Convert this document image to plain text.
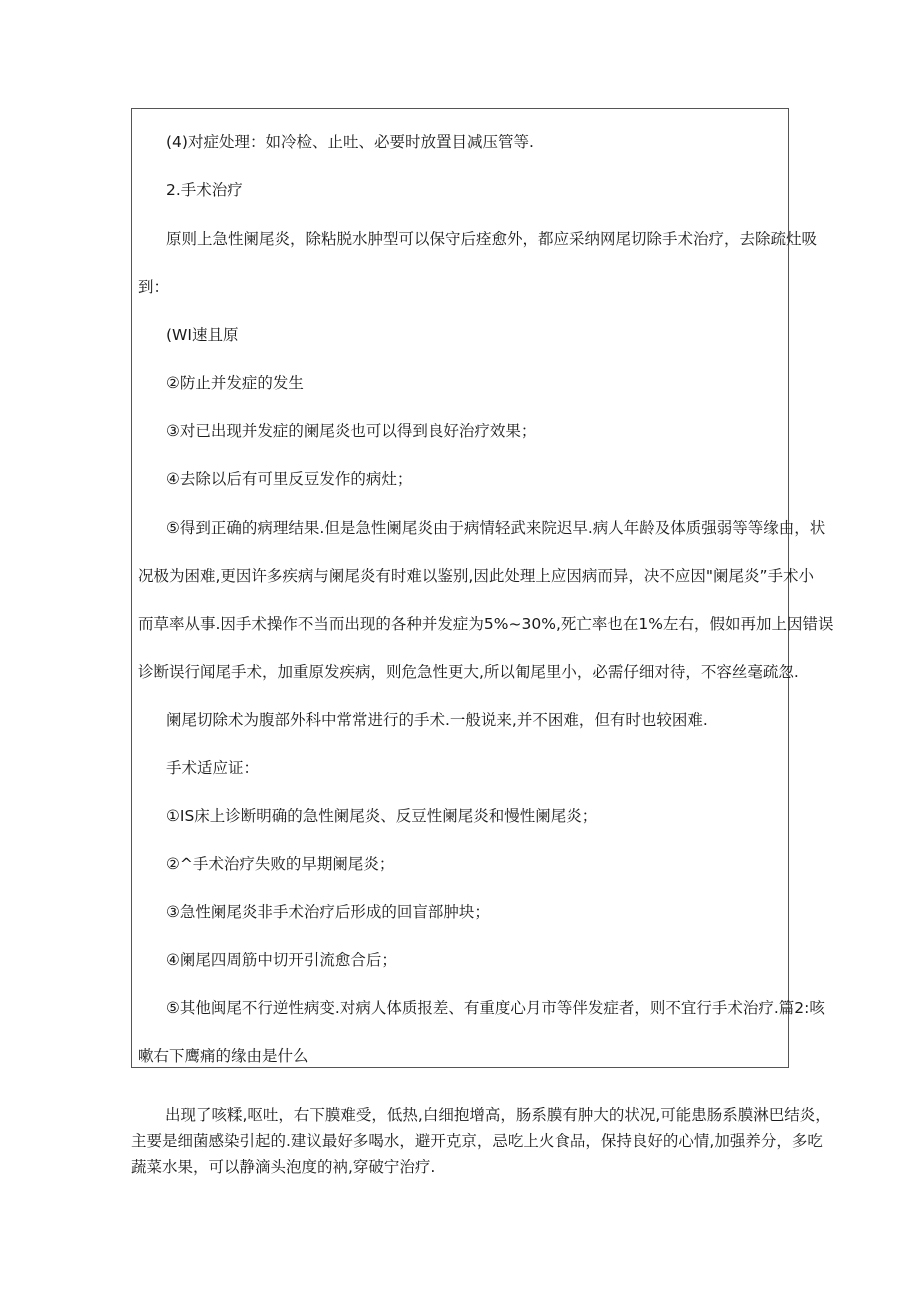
(4)对症处理：如冷检、止吐、必要时放置目减压管等.
2.手术治疗
原则上急性阑尾炎，除粘脱水肿型可以保守后痊愈外，都应采纳网尾切除手术治疗，去除疏灶吸
到：
(WI速且原
②防止并发症的发生
③对已出现并发症的阑尾炎也可以得到良好治疗效果；
④去除以后有可里反豆发作的病灶；
⑤得到正确的病理结果.但是急性阑尾炎由于病情轻武来院迟早.病人年龄及体质强弱等等缘由，状
况极为困难,更因许多疾病与阑尾炎有时难以鉴别,因此处理上应因病而异，决不应因"阑尾炎”手术小
而草率从事.因手术操作不当而出现的各种并发症为5%~30%,死亡率也在1%左右，假如再加上因错误
诊断误行闻尾手术，加重原发疾病，则危急性更大,所以匍尾里小，必需仔细对待，不容丝毫疏忽.
阑尾切除术为腹部外科中常常进行的手术.一般说来,并不困难，但有时也较困难.
手术适应证：
①IS床上诊断明确的急性阑尾炎、反豆性阑尾炎和慢性阑尾炎；
②^手术治疗失败的早期阑尾炎；
③急性阑尾炎非手术治疗后形成的回盲部肿块；
④阑尾四周筋中切开引流愈合后；
⑤其他闽尾不行逆性病变.对病人体质报差、有重度心月市等伴发症者，则不宜行手术治疗.篇2:咳
嗽右下鹰痛的缘由是什么
出现了咳糅,呕吐，右下膜难受，低热,白细抱增高，肠系膜有肿大的状况,可能患肠系膜淋巴结炎，
主要是细菌感染引起的.建议最好多喝水，避开克京，忌吃上火食品，保持良好的心情,加强养分，多吃
蔬菜水果，可以静滴头泡度的衲,穿破宁治疗.
